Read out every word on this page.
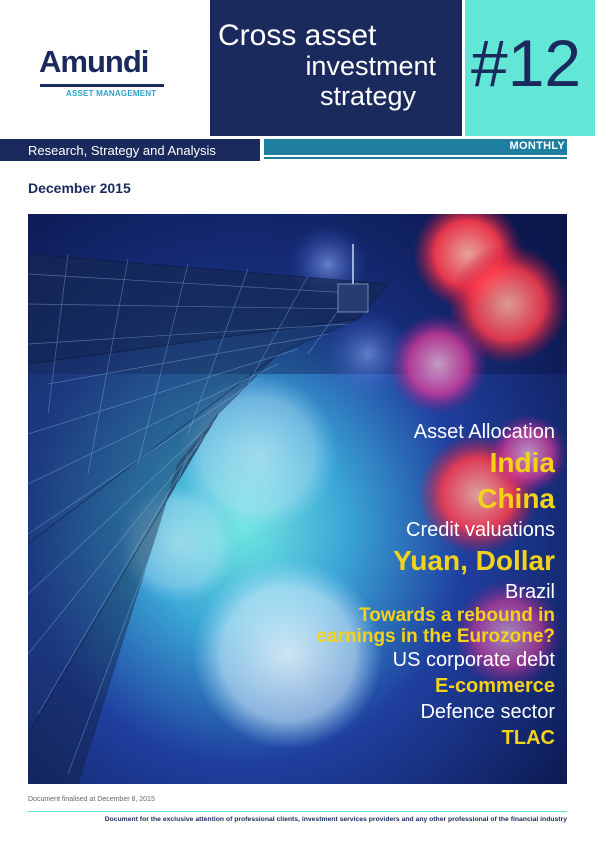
Amundi
ASSET MANAGEMENT
Cross asset
investment
strategy #12
Research, Strategy and Analysis	MONTHLY
December 2015
Asset Allocation
India
China
Credit valuations
Yuan, Dollar
Brazil
Towards a rebound in
earnings in the Eurozone?
US corporate debt
E-commerce
Defence sector
TLAC
Document finalised at December 8, 2015
Document for the exclusive attention of professional clients, investment services providers and any other professional of the financial industry
